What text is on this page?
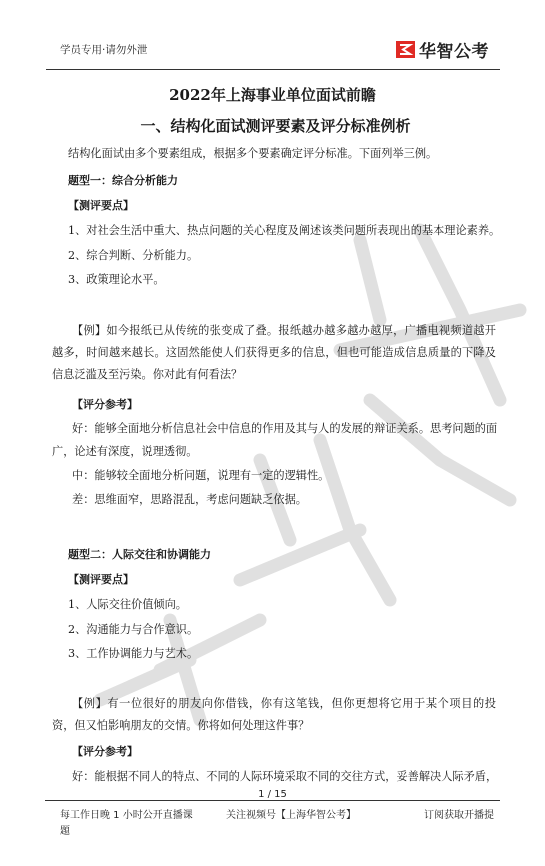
学员专用·请勿外泄	华智公考
2022年上海事业单位面试前瞻
一、结构化面试测评要素及评分标准例析
结构化面试由多个要素组成，根据多个要素确定评分标准。下面列举三例。
题型一：综合分析能力
【测评要点】
1、对社会生活中重大、热点问题的关心程度及阐述该类问题所表现出的基本理论素养。
2、综合判断、分析能力。
3、政策理论水平。
【例】如今报纸已从传统的张变成了叠。报纸越办越多越办越厚，广播电视频道越开越多，时间越来越长。这固然能使人们获得更多的信息，但也可能造成信息质量的下降及信息泛滥及至污染。你对此有何看法？
【评分参考】
好：能够全面地分析信息社会中信息的作用及其与人的发展的辩证关系。思考问题的面
广，论述有深度，说理透彻。
中：能够较全面地分析问题，说理有一定的逻辑性。
差：思维面窄，思路混乱，考虑问题缺乏依据。
题型二：人际交往和协调能力
【测评要点】
1、人际交往价值倾向。
2、沟通能力与合作意识。
3、工作协调能力与艺术。
【例】有一位很好的朋友向你借钱，你有这笔钱，但你更想将它用于某个项目的投资，但又怕影响朋友的交情。你将如何处理这件事？
【评分参考】
好：能根据不同人的特点、不同的人际环境采取不同的交往方式，妥善解决人际矛盾，
1 / 15
每工作日晚 1 小时公开直播课
題
关注视频号【上海华智公考】	订阅获取开播提
